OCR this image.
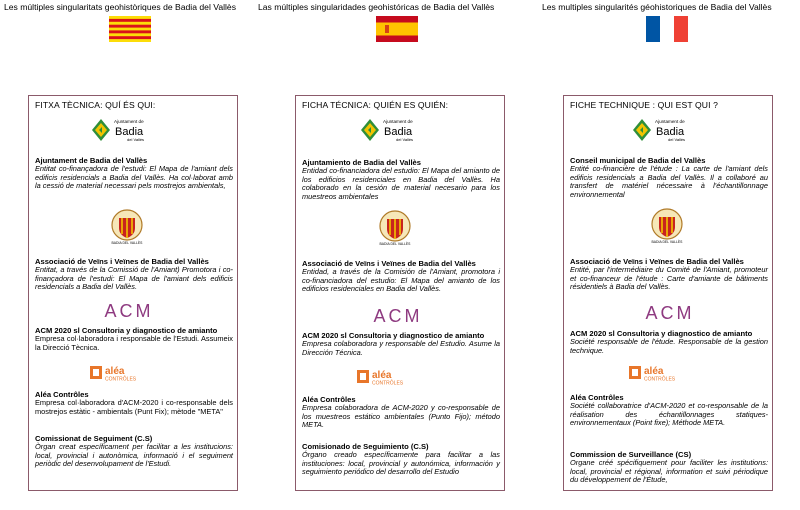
Les múltiples singularitats geohistòriques de Badia del Vallès
FITXA TÈCNICA: QUÍ ÉS QUI:
Ajuntament de
Badia
del Vallès
Ajuntament de Badia del Vallès
Entitat co-finançadora de l'estudi: El Mapa de l'amiant dels edificis residencials a Badia del Vallès. Ha col·laborat amb la cessió de material necessari pels mostrejos ambientals,
BADIA DEL VALLÈS
Associació de Veïns i Veïnes de Badia del Vallès
Entitat, a través de la Comissió de l'Amiant) Promotora i co-finançadora de l'estudi: El Mapa de l'amiant dels edificis residencials a Badia del Vallès.
ACM
ACM 2020 sl Consultoria y diagnostico de amianto
Empresa col·laboradora i responsable de l'Estudi. Assumeix la Direcció Tècnica.
aléa
CONTRÔLES
Aléa Contrôles
Empresa col·laboradora d'ACM-2020 i co-responsable dels mostrejos estàtic - ambientals (Punt Fix); mètode "META"
Comissionat de Seguiment (C.S)
Òrgan creat específicament per facilitar a les institucions: local, provincial i autonòmica, informació i el seguiment periòdic del desenvolupament de l'Estudi.
Las múltiples singularidades geohistóricas de Badia del Vallès
FICHA TÉCNICA: QUIÉN ES QUIÉN:
Ajuntament de
Badia
del Vallès
Ajuntamiento de Badia del Vallès
Entidad co-financiadora del estudio: El Mapa del amianto de los edificios residenciales en Badia del Vallès. Ha colaborado en la cesión de material necesario para los muestreos ambientales
BADIA DEL VALLÈS
Associació de Veïns i Veïnes de Badia del Vallès
Entidad, a través de la Comisión de l'Amiant, promotora i co-financiadora del estudio: El Mapa del amianto de los edificios residenciales en Badia del Vallès.
ACM
ACM 2020 sl Consultoria y diagnostico de amianto
Empresa colaboradora y responsable del Estudio. Asume la Dirección Técnica.
aléa
CONTRÔLES
Aléa Contrôles
Empresa colaboradora de ACM-2020 y co-responsable de los muestreos estático ambientales (Punto Fijo); método META.
Comisionado de Seguimiento (C.S)
Órgano creado específicamente para facilitar a las instituciones: local, provincial y autonómica, información y seguimiento periódico del desarrollo del Estudio
Les multiples singularités géohistoriques de Badia del Vallès
FICHE TECHNIQUE : QUI EST QUI ?
Ajuntament de
Badia
del Vallès
Conseil municipal de Badia del Vallès
Entité co-financière de l'étude : La carte de l'amiant dels edificis residencials a Badia del Vallès. Il a collaboré au transfert de matériel nécessaire à l'échantillonnage environnemental
BADIA DEL VALLÈS
Associació de Veïns i Veïnes de Badia del Vallès
Entité, par l'intermédiaire du Comité de l'Amiant, promoteur et co-financeur de l'étude : Carte d'amiante de bâtiments résidentiels à Badia del Vallès.
ACM
ACM 2020 sl Consultoria y diagnostico de amianto
Société responsable de l'étude. Responsable de la gestion technique.
aléa
CONTRÔLES
Aléa Contrôles
Société collaboratrice d'ACM-2020 et co-responsable de la réalisation des échantillonnages statiques-environnementaux (Point fixe); Méthode META.
Commission de Surveillance (CS)
Organe créé spécifiquement pour faciliter les institutions: local, provincial et régional, information et suivi périodique du développement de l'Étude,
